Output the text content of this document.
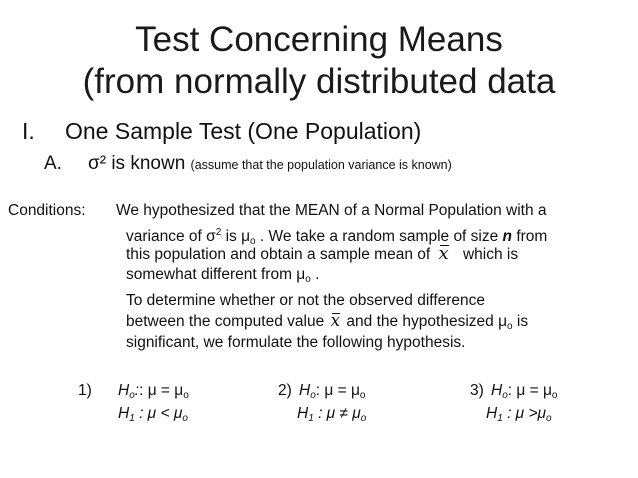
Test Concerning Means
(from normally distributed data
I. One Sample Test (One Population)
A. σ² is known (assume that the population variance is known)
Conditions: We hypothesized that the MEAN of a Normal Population with a
variance of $\sigma^2$ is $\mu_o$ . We take a random sample of size n from
this population and obtain a sample mean of x which is
somewhat different from $\mu_o$ .
To determine whether or not the observed difference
between the computed value x and the hypothesized $\mu_o$ is
significant, we formulate the following hypothesis.
1) $H_o$:: $\mu = \mu_o$
$H_1$ : $\mu < \mu_o$
2) $H_o$: $\mu = \mu_o$
$H_1$ : $\mu \ne \mu_o$
3) $H_o$: $\mu = \mu_o$
$H_1$ : $\mu >\mu_o$
